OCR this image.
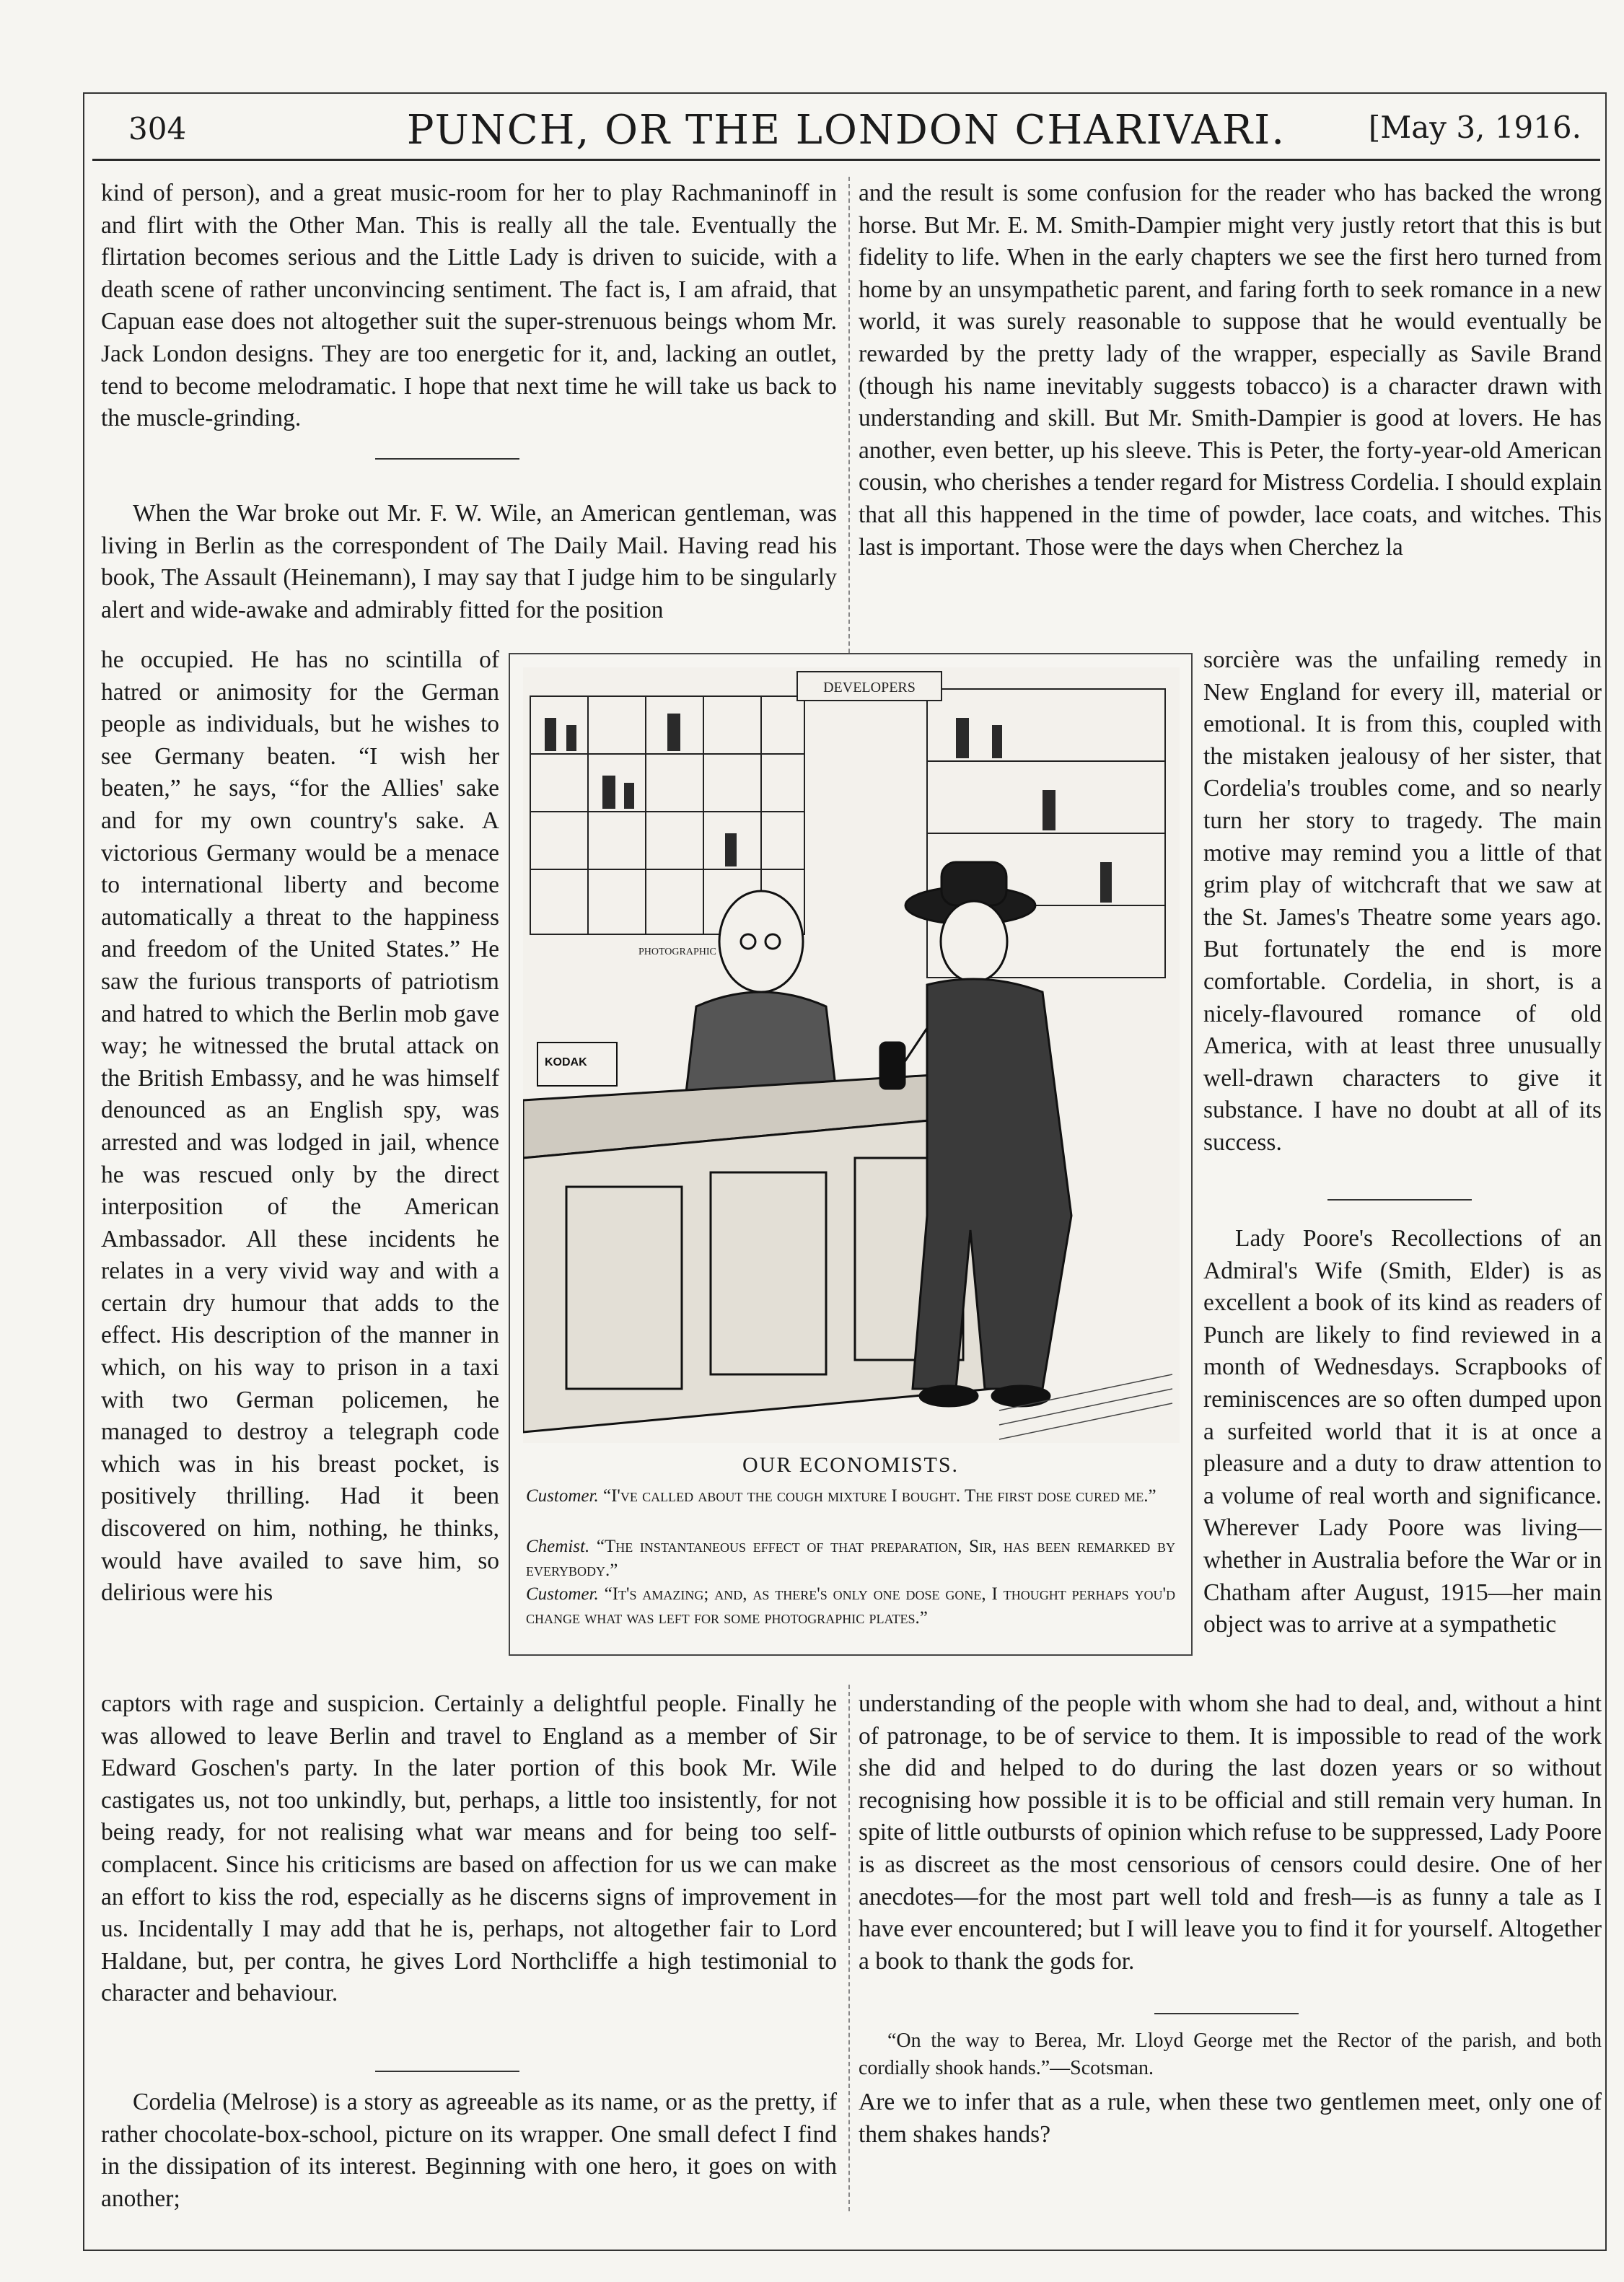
304	PUNCH, OR THE LONDON CHARIVARI.	[May 3, 1916.

kind of person), and a great music-room for her to play Rachmaninoff in and flirt with the Other Man. This is really all the tale. Eventually the flirtation becomes serious and the Little Lady is driven to suicide, with a death scene of rather unconvincing sentiment. The fact is, I am afraid, that Capuan ease does not altogether suit the super-strenuous beings whom Mr. Jack London designs. They are too energetic for it, and, lacking an outlet, tend to become melodramatic. I hope that next time he will take us back to the muscle-grinding.

When the War broke out Mr. F. W. Wile, an American gentleman, was living in Berlin as the correspondent of The Daily Mail. Having read his book, The Assault (Heinemann), I may say that I judge him to be singularly alert and wide-awake and admirably fitted for the position

he occupied. He has no scintilla of hatred or animosity for the German people as individuals, but he wishes to see Germany beaten. “I wish her beaten,” he says, “for the Allies' sake and for my own country's sake. A victorious Germany would be a menace to international liberty and become automatically a threat to the happiness and freedom of the United States.” He saw the furious transports of patriotism and hatred to which the Berlin mob gave way; he witnessed the brutal attack on the British Embassy, and he was himself denounced as an English spy, was arrested and was lodged in jail, whence he was rescued only by the direct interposition of the American Ambassador. All these incidents he relates in a very vivid way and with a certain dry humour that adds to the effect. His description of the manner in which, on his way to prison in a taxi with two German policemen, he managed to destroy a telegraph code which was in his breast pocket, is positively thrilling. Had it been discovered on him, nothing, he thinks, would have availed to save him, so delirious were his

captors with rage and suspicion. Certainly a delightful people. Finally he was allowed to leave Berlin and travel to England as a member of Sir Edward Goschen's party. In the later portion of this book Mr. Wile castigates us, not too unkindly, but, perhaps, a little too insistently, for not being ready, for not realising what war means and for being too self-complacent. Since his criticisms are based on affection for us we can make an effort to kiss the rod, especially as he discerns signs of improvement in us. Incidentally I may add that he is, perhaps, not altogether fair to Lord Haldane, but, per contra, he gives Lord Northcliffe a high testimonial to character and behaviour.

Cordelia (Melrose) is a story as agreeable as its name, or as the pretty, if rather chocolate-box-school, picture on its wrapper. One small defect I find in the dissipation of its interest. Beginning with one hero, it goes on with another;

and the result is some confusion for the reader who has backed the wrong horse. But Mr. E. M. Smith-Dampier might very justly retort that this is but fidelity to life. When in the early chapters we see the first hero turned from home by an unsympathetic parent, and faring forth to seek romance in a new world, it was surely reasonable to suppose that he would eventually be rewarded by the pretty lady of the wrapper, especially as Savile Brand (though his name inevitably suggests tobacco) is a character drawn with understanding and skill. But Mr. Smith-Dampier is good at lovers. He has another, even better, up his sleeve. This is Peter, the forty-year-old American cousin, who cherishes a tender regard for Mistress Cordelia. I should explain that all this happened in the time of powder, lace coats, and witches. This last is important. Those were the days when Cherchez la

sorcière was the unfailing remedy in New England for every ill, material or emotional. It is from this, coupled with the mistaken jealousy of her sister, that Cordelia's troubles come, and so nearly turn her story to tragedy. The main motive may remind you a little of that grim play of witchcraft that we saw at the St. James's Theatre some years ago. But fortunately the end is more comfortable. Cordelia, in short, is a nicely-flavoured romance of old America, with at least three unusually well-drawn characters to give it substance. I have no doubt at all of its success.

Lady Poore's Recollections of an Admiral's Wife (Smith, Elder) is as excellent a book of its kind as readers of Punch are likely to find reviewed in a month of Wednesdays. Scrapbooks of reminiscences are so often dumped upon a surfeited world that it is at once a pleasure and a duty to draw attention to a volume of real worth and significance. Wherever Lady Poore was living—whether in Australia before the War or in Chatham after August, 1915—her main object was to arrive at a sympathetic

understanding of the people with whom she had to deal, and, without a hint of patronage, to be of service to them. It is impossible to read of the work she did and helped to do during the last dozen years or so without recognising how possible it is to be official and still remain very human. In spite of little outbursts of opinion which refuse to be suppressed, Lady Poore is as discreet as the most censorious of censors could desire. One of her anecdotes—for the most part well told and fresh—is as funny a tale as I have ever encountered; but I will leave you to find it for yourself. Altogether a book to thank the gods for.

“On the way to Berea, Mr. Lloyd George met the Rector of the parish, and both cordially shook hands.”—Scotsman.

Are we to infer that as a rule, when these two gentlemen meet, only one of them shakes hands?

DEVELOPERS
PHOTOGRAPHIC
KODAK
OUR ECONOMISTS.

Customer. “I've called about the cough mixture I bought. The first dose cured me.”

Chemist. “The instantaneous effect of that preparation, Sir, has been remarked by everybody.”

Customer. “It's amazing; and, as there's only one dose gone, I thought perhaps you'd change what was left for some photographic plates.”
